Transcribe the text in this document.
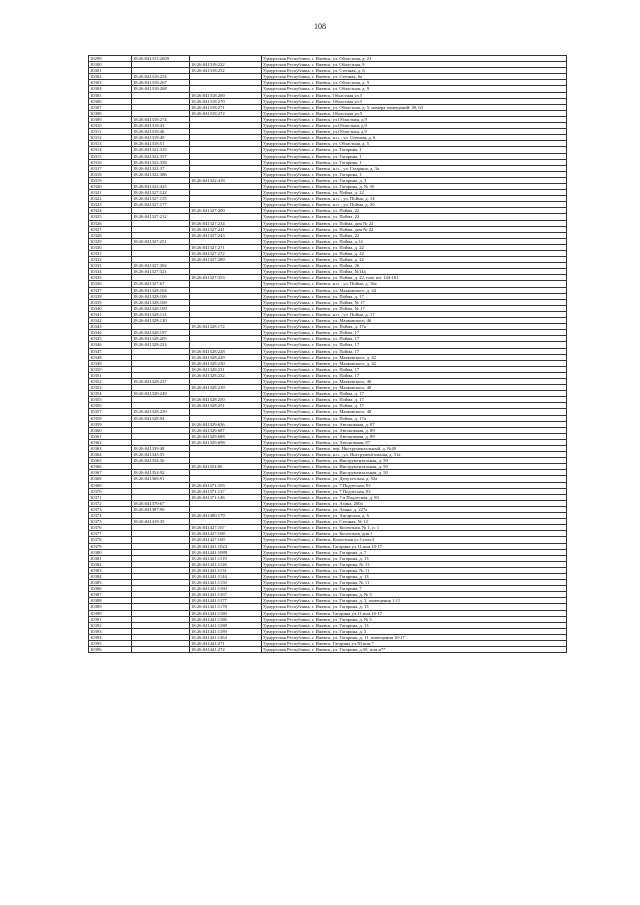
108
10299	18:26:041315:2609		Удмуртская Республика, г. Ижевск, ул. Областная, д. 23
10300		18:26:041318:222	Удмуртская Республика, г. Ижевск, ул. Областная, 9
10301		18:26:041318:252	Удмуртская Республика, г. Ижевск, ул. Степная, д. 6
10302	18:26:041318:254		Удмуртская Республика, г. Ижевск, ул. Степная, 6а
10303	18:26:041318:267		Удмуртская Республика, г. Ижевск, ул. Областная, д. 9
10304	18:26:041318:268		Удмуртская Республика, г. Ижевск, ул. Областная, д. 9
10305		18:26:041318:269	Удмуртская Республика, г. Ижевск, Областная ул.5
10306		18:26:041318:270	Удмуртская Республика, г. Ижевск, Областная ул.5
10307		18:26:041318:271	Удмуртская Республика, г. Ижевск, ул. Областная, д. 5, номера помещений: 49, 63
10308		18:26:041318:272	Удмуртская Республика, г. Ижевск, Областная ул.5
10309	18:26:041318:274		Удмуртская Республика, г. Ижевск, ул.Областная, д.9
10310	18:26:041318:43		Удмуртская Республика, г. Ижевск, ул.Областная, д.9
10311	18:26:041318:46		Удмуртская Республика, г. Ижевск, ул.Областная, д.9
10312	18:26:041318:49		Удмуртская Республика, г. Ижевск, н.п. , ул. Степная, д. 6
10313	18:26:041318:51		Удмуртская Республика, г. Ижевск, ул. Областная, д. 5
10314	18:26:041322:335		Удмуртская Республика, г. Ижевск, ул. Гагарина, 1
10315	18:26:041322:357		Удмуртская Республика, г. Ижевск, ул. Гагарина, 1
10316	18:26:041322:358		Удмуртская Республика, г. Ижевск, ул. Гагарина, 1
10317	18:26:041322:37		Удмуртская Республика, г. Ижевск, н.п. , ул. Гагарина, д. 3а
10318	18:26:041322:386		Удмуртская Республика, г. Ижевск, ул. Гагарина, 1
10319		18:26:041322:418	Удмуртская Республика, г. Ижевск, ул. Гагарина, д. 3
10320	18:26:041322:425		Удмуртская Республика, г. Ижевск, ул. Гагарина, д. № 3б
10321	18:26:041327:122		Удмуртская Республика, г. Ижевск, ул. Пойма, д. 22
10322	18:26:041327:155		Удмуртская Республика, г. Ижевск, н.п. , ул. Пойма, д. 14
10323	18:26:041327:177		Удмуртская Республика, г. Ижевск, н.п. , ул. Пойма, д. 20
10324		18:26:041327:200	Удмуртская Республика, г. Ижевск, ул. Пойма, 22
10325	18:26:041327:212		Удмуртская Республика, г. Ижевск, ул. Пойма, 22
10326		18:26:041327:234	Удмуртская Республика, г. Ижевск, ул. Пойма, дом № 22
10327		18:26:041327:241	Удмуртская Республика, г. Ижевск, ул. Пойма, дом № 22
10328		18:26:041327:243	Удмуртская Республика, г. Ижевск, ул. Пойма, 22
10329	18:26:041327:251		Удмуртская Республика, г. Ижевск, ул. Пойма, д.14
10330		18:26:041327:271	Удмуртская Республика, г. Ижевск, ул. Пойма, д. 22
10331		18:26:041327:272	Удмуртская Республика, г. Ижевск, ул. Пойма, д. 22
10332		18:26:041327:289	Удмуртская Республика, г. Ижевск, ул. Пойма, д. 22
10333	18:26:041327:304		Удмуртская Республика, г. Ижевск, ул. Пойма, 26
10334	18:26:041327:321		Удмуртская Республика, г. Ижевск, ул. Пойма, №14а
10335		18:26:041327:353	Удмуртская Республика, г. Ижевск, ул. Пойма, д. 22, пом. нп. 144-161
10336	18:26:041327:67		Удмуртская Республика, г. Ижевск, н.п. , ул. Пойма, д. 16а
10337	18:26:041328:104		Удмуртская Республика, г. Ижевск, ул. Маяковского, д. 44
10338	18:26:041328:106		Удмуртская Республика, г. Ижевск, ул. Пойма, д. 17
10339	18:26:041328:108		Удмуртская Республика, г. Ижевск, ул. Пойма, № 17
10340	18:26:041328:109		Удмуртская Республика, г. Ижевск, ул. Пойма, № 17
10341	18:26:041328:114		Удмуртская Республика, г. Ижевск, н.п. , ул. Пойма, д. 17
10342	18:26:041328:120		Удмуртская Республика, г. Ижевск, ул. Маяковского, 46
10343		18:26:041328:172	Удмуртская Республика, г. Ижевск, ул. Пойма, д. 17а
10344	18:26:041328:197		Удмуртская Республика, г. Ижевск, ул. Пойма, 17
10345	18:26:041328:205		Удмуртская Республика, г. Ижевск, ул. Пойма, 17
10346	18:26:041328:224		Удмуртская Республика, г. Ижевск, ул. Пойма, 17
10347		18:26:041328:228	Удмуртская Республика, г. Ижевск, ул. Пойма, 17
10348		18:26:041328:229	Удмуртская Республика, г. Ижевск, ул. Маяковского, д. 42
10349		18:26:041328:230	Удмуртская Республика, г. Ижевск, ул. Маяковского, д. 42
10350		18:26:041328:231	Удмуртская Республика, г. Ижевск, ул. Пойма, 17
10351		18:26:041328:232	Удмуртская Республика, г. Ижевск, ул. Пойма, 17
10352	18:26:041328:237		Удмуртская Республика, г. Ижевск, ул. Маяковского, 46
10353		18:26:041328:239	Удмуртская Республика, г. Ижевск, ул. Маяковского, 48
10354	18:26:041328:249		Удмуртская Республика, г. Ижевск, ул. Пойма, д. 17
10355		18:26:041328:250	Удмуртская Республика, г. Ижевск, ул. Пойма, д. 17
10356		18:26:041328:251	Удмуртская Республика, г. Ижевск, ул. Пойма, д. 17
10357	18:26:041328:259		Удмуртская Республика, г. Ижевск, ул. Маяковского, 48
10358	18:26:041328:94		Удмуртская Республика, г. Ижевск, ул. Пойма, д. 17а
10359		18:26:041329:636	Удмуртская Республика, г. Ижевск, ул. Автономная, д. 87
10360		18:26:041329:687	Удмуртская Республика, г. Ижевск, ул. Автономная, д. 89
10361		18:26:041329:688	Удмуртская Республика, г. Ижевск, ул. Автономная, д. 89
10362		18:26:041329:698	Удмуртская Республика, г. Ижевск, ул. Автономная, 87
10363	18:26:041339:48		Удмуртская Республика, г. Ижевск, пер. Инструментальный, д. №48
10364	18:26:041343:55		Удмуртская Республика, г. Ижевск, н.п. , ул. Инструментальная, д. 51а
10365	18:26:041354:36		Удмуртская Республика, г. Ижевск, ул. Инструментальная, д. 50
10366		18:26:041354:80	Удмуртская Республика, г. Ижевск, ул. Инструментальная, д. 50
10367	18:26:041354:92		Удмуртская Республика, г. Ижевск, ул. Инструментальная, д. 50
10368	18:26:041368:91		Удмуртская Республика, г. Ижевск, ул. Депутатская, д. 92а
10369		18:26:041371:103	Удмуртская Республика, г. Ижевск, ул. 7 Подлесная, 83
10370		18:26:041371:127	Удмуртская Республика, г. Ижевск, ул. 7 Подлесная, 83
10371		18:26:041371:146	Удмуртская Республика, г. Ижевск, ул. 7-я Подлесная, д. 83
10372	18:26:041379:67		Удмуртская Республика, г. Ижевск, ул. Азина, 200а
10373	18:26:041387:90		Удмуртская Республика, г. Ижевск, ул. Азина, д. 227а
10374		18:26:041400:179	Удмуртская Республика, г. Ижевск, ул. Ангарская, д. 6
10375	18:26:041419:35		Удмуртская Республика, г. Ижевск, ул. Степная, № 12
10376		18:26:041427:167	Удмуртская Республика, г. Ижевск, ул. Кооеотная, № 1, п. 1
10377		18:26:041427:168	Удмуртская Республика, г. Ижевск, ул. Кооеотная, дом 1
10378		18:26:041427:169	Удмуртская Республика, г. Ижевск, Кооеотная ул.1,пом.3
10379		18:26:041441:1023	Удмуртская Республика, г. Ижевск, Гагарина ул.11,пом.10-17
10380		18:26:041441:1089	Удмуртская Республика, г. Ижевск, ул. Гагарина, д. 7
10381		18:26:041441:1119	Удмуртская Республика, г. Ижевск, ул. Гагарина, д. 13
10382		18:26:041441:1126	Удмуртская Республика, г. Ижевск, ул. Гагарина, № 13
10383		18:26:041441:1131	Удмуртская Республика, г. Ижевск, ул. Гагарина, № 11
10384		18:26:041441:1144	Удмуртская Республика, г. Ижевск, ул. Гагарина, д. 13
10385		18:26:041441:1150	Удмуртская Республика, г. Ижевск, ул. Гагарина, № 11
10386		18:26:041441:1160	Удмуртская Республика, г. Ижевск, ул. Гагарина, 7
10387		18:26:041441:1167	Удмуртская Республика, г. Ижевск, ул. Гагарина, д. № 5
10388		18:26:041441:1177	Удмуртская Республика, г. Ижевск, ул. Гагарина, д. 5, помещения 1-11
10389		18:26:041441:1178	Удмуртская Республика, г. Ижевск, ул. Гагарина, д. 13
10390		18:26:041441:1180	Удмуртская Республика, г. Ижевск, Гагарина ул.11,пом.10-17
10391		18:26:041441:1186	Удмуртская Республика, г. Ижевск, ул. Гагарина, д. № 5
10392		18:26:041441:1188	Удмуртская Республика, г. Ижевск, ул. Гагарина, д. 13
10393		18:26:041441:1189	Удмуртская Республика, г. Ижевск, ул. Гагарина, д. 5
10394		18:26:041441:1262	Удмуртская Республика, г. Ижевск, ул. Гагарина, д. 11, помещения 10-17
10395		18:26:041441:271	Удмуртская Республика, г. Ижевск, Гагарина ул.50,пом.*
10396		18:26:041441:272	Удмуртская Республика, г. Ижевск, ул. Гагарина, д.50, пом.н**
